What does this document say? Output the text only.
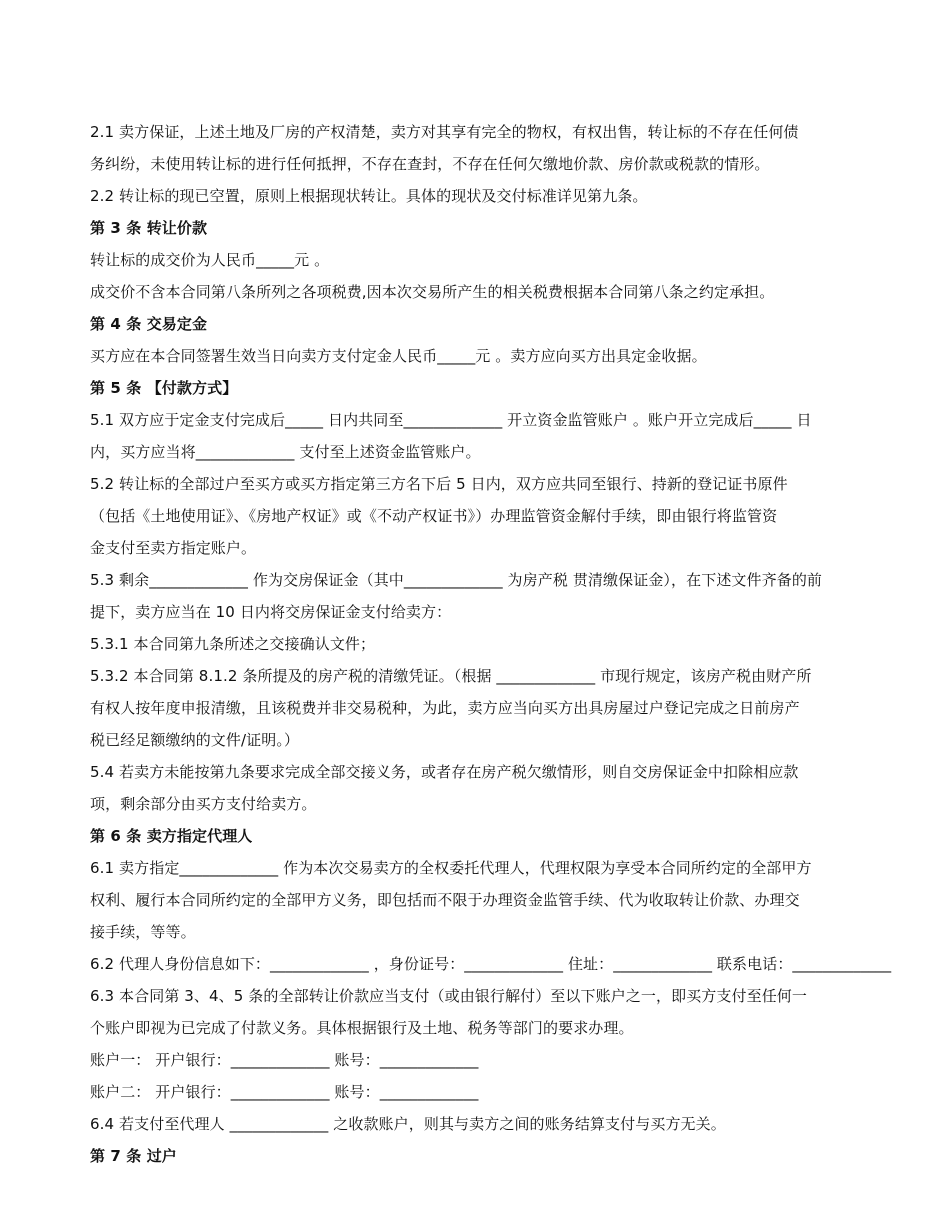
2.1 卖方保证，上述土地及厂房的产权清楚，卖方对其享有完全的物权，有权出售，转让标的不存在任何债
务纠纷，未使用转让标的进行任何抵押，不存在查封，不存在任何欠缴地价款、房价款或税款的情形。
2.2 转让标的现已空置，原则上根据现状转让。具体的现状及交付标准详见第九条。
第 3 条 转让价款
转让标的成交价为人民币_____元 。
成交价不含本合同第八条所列之各项税费,因本次交易所产生的相关税费根据本合同第八条之约定承担。
第 4 条 交易定金
买方应在本合同签署生效当日向卖方支付定金人民币_____元 。卖方应向买方出具定金收据。
第 5 条 【付款方式】
5.1 双方应于定金支付完成后_____ 日内共同至_____________ 开立资金监管账户 。账户开立完成后_____ 日
内，买方应当将_____________ 支付至上述资金监管账户。
5.2 转让标的全部过户至买方或买方指定第三方名下后 5 日内，双方应共同至银行、持新的登记证书原件
（包括《土地使用证》、《房地产权证》或《不动产权证书》）办理监管资金解付手续，即由银行将监管资
金支付至卖方指定账户。
5.3 剩余_____________ 作为交房保证金（其中_____________ 为房产税 贯清缴保证金），在下述文件齐备的前
提下，卖方应当在 10 日内将交房保证金支付给卖方：
5.3.1 本合同第九条所述之交接确认文件；
5.3.2 本合同第 8.1.2 条所提及的房产税的清缴凭证。（根据 _____________ 市现行规定，该房产税由财产所
有权人按年度申报清缴，且该税费并非交易税种，为此，卖方应当向买方出具房屋过户登记完成之日前房产
税已经足额缴纳的文件/证明。）
5.4 若卖方未能按第九条要求完成全部交接义务，或者存在房产税欠缴情形，则自交房保证金中扣除相应款
项，剩余部分由买方支付给卖方。
第 6 条 卖方指定代理人
6.1 卖方指定_____________ 作为本次交易卖方的全权委托代理人，代理权限为享受本合同所约定的全部甲方
权利、履行本合同所约定的全部甲方义务，即包括而不限于办理资金监管手续、代为收取转让价款、办理交
接手续，等等。
6.2 代理人身份信息如下：_____________ ，身份证号：_____________ 住址：_____________ 联系电话：_____________
6.3 本合同第 3、4、5 条的全部转让价款应当支付（或由银行解付）至以下账户之一，即买方支付至任何一
个账户即视为已完成了付款义务。具体根据银行及土地、税务等部门的要求办理。
账户一： 开户银行：_____________ 账号：_____________
账户二： 开户银行：_____________ 账号：_____________
6.4 若支付至代理人 _____________ 之收款账户，则其与卖方之间的账务结算支付与买方无关。
第 7 条 过户
